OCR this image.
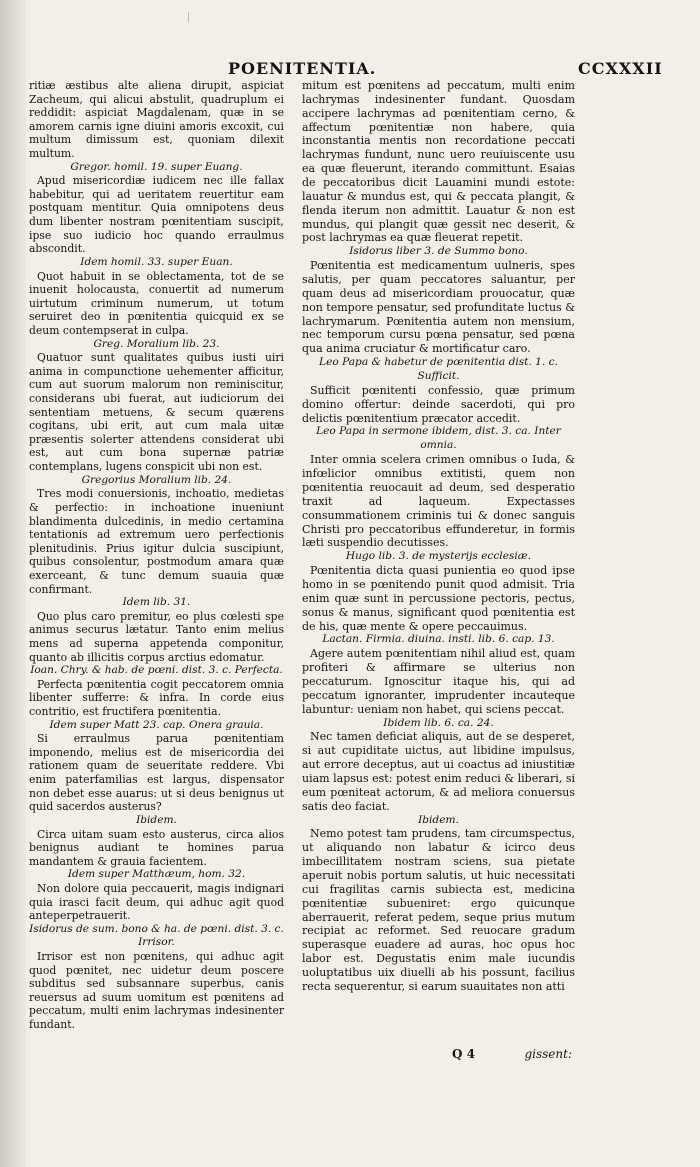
POENITENTIA.	CCXXXII

ritiæ æstibus alte aliena dirupit, aspiciat Zacheum, qui alicui abstulit, quadruplum ei reddidit: aspiciat Magdalenam, quæ in se amorem carnis igne diuini amoris excoxit, cui multum dimissum est, quoniam dilexit multum.

Gregor. homil. 19. super Euang.

Apud misericordiæ iudicem nec ille fallax habebitur, qui ad ueritatem reuertitur eam postquam mentitur. Quia omnipotens deus dum libenter nostram pœnitentiam suscipit, ipse suo iudicio hoc quando erraulmus abscondit.

Idem homil. 33. super Euan.

Quot habuit in se oblectamenta, tot de se inuenit holocausta, conuertit ad numerum uirtutum criminum numerum, ut totum seruiret deo in pœnitentia quicquid ex se deum contempserat in culpa.

Greg. Moralium lib. 23.

Quatuor sunt qualitates quibus iusti uiri anima in compunctione uehementer afficitur, cum aut suorum malorum non reminiscitur, considerans ubi fuerat, aut iudiciorum dei sententiam metuens, & secum quærens cogitans, ubi erit, aut cum mala uitæ præsentis solerter attendens considerat ubi est, aut cum bona supernæ patriæ contemplans, lugens conspicit ubi non est.

Gregorius Moralium lib. 24.

Tres modi conuersionis, inchoatio, medietas & perfectio: in inchoatione inueniunt blandimenta dulcedinis, in medio certamina tentationis ad extremum uero perfectionis plenitudinis. Prius igitur dulcia suscipiunt, quibus consolentur, postmodum amara quæ exerceant, & tunc demum suauia quæ confirmant.

Idem lib. 31.

Quo plus caro premitur, eo plus cœlesti spe animus securus lætatur. Tanto enim melius mens ad superna appetenda componitur, quanto ab illicitis corpus arctius edomatur.

Ioan. Chry. & hab. de pœni. dist. 3. c. Perfecta.

Perfecta pœnitentia cogit peccatorem omnia libenter sufferre: & infra. In corde eius contritio, est fructifera pœnitentia.

Idem super Matt 23. cap. Onera grauia.

Si erraulmus parua pœnitentiam imponendo, melius est de misericordia dei rationem quam de seueritate reddere. Vbi enim paterfamilias est largus, dispensator non debet esse auarus: ut si deus benignus ut quid sacerdos austerus?

Ibidem.

Circa uitam suam esto austerus, circa alios benignus audiant te homines parua mandantem & grauia facientem.

Idem super Matthæum, hom. 32.

Non dolore quia peccauerit, magis indignari quia irasci facit deum, qui adhuc agit quod anteperpetrauerit.

Isidorus de sum. bono & ha. de pœni. dist. 3. c. Irrisor.

Irrisor est non pœnitens, qui adhuc agit quod pœnitet, nec uidetur deum poscere subditus sed subsannare superbus, canis reuersus ad suum uomitum est pœnitens ad peccatum, multi enim lachrymas indesinenter fundant.

mitum est pœnitens ad peccatum, multi enim lachrymas indesinenter fundant. Quosdam accipere lachrymas ad pœnitentiam cerno, & affectum pœnitentiæ non habere, quia inconstantia mentis non recordatione peccati lachrymas fundunt, nunc uero reuiuiscente usu ea quæ fleuerunt, iterando committunt. Esaias de peccatoribus dicit Lauamini mundi estote: lauatur & mundus est, qui & peccata plangit, & flenda iterum non admittit. Lauatur & non est mundus, qui plangit quæ gessit nec deserit, & post lachrymas ea quæ fleuerat repetit.

Isidorus liber 3. de Summo bono.

Pœnitentia est medicamentum uulneris, spes salutis, per quam peccatores saluantur, per quam deus ad misericordiam prouocatur, quæ non tempore pensatur, sed profunditate luctus & lachrymarum. Pœnitentia autem non mensium, nec temporum cursu pœna pensatur, sed pœna qua anima cruciatur & mortificatur caro.

Leo Papa & habetur de pœnitentia dist. 1. c. Sufficit.

Sufficit pœnitenti confessio, quæ primum domino offertur: deinde sacerdoti, qui pro delictis pœnitentium præcator accedit.

Leo Papa in sermone ibidem, dist. 3. ca. Inter omnia.

Inter omnia scelera crimen omnibus o Iuda, & infœlicior omnibus extitisti, quem non pœnitentia reuocauit ad deum, sed desperatio traxit ad laqueum. Expectasses consummationem criminis tui & donec sanguis Christi pro peccatoribus effunderetur, in formis læti suspendio decutisses.

Hugo lib. 3. de mysterijs ecclesiæ.

Pœnitentia dicta quasi punientia eo quod ipse homo in se pœnitendo punit quod admisit. Tria enim quæ sunt in percussione pectoris, pectus, sonus & manus, significant quod pœnitentia est de his, quæ mente & opere peccauimus.

Lactan. Firmia. diuina. insti. lib. 6. cap. 13.

Agere autem pœnitentiam nihil aliud est, quam profiteri & affirmare se ulterius non peccaturum. Ignoscitur itaque his, qui ad peccatum ignoranter, imprudenter incauteque labuntur: ueniam non habet, qui sciens peccat.

Ibidem lib. 6. ca. 24.

Nec tamen deficiat aliquis, aut de se desperet, si aut cupiditate uictus, aut libidine impulsus, aut errore deceptus, aut ui coactus ad iniustitiæ uiam lapsus est: potest enim reduci & liberari, si eum pœniteat actorum, & ad meliora conuersus satis deo faciat.

Ibidem.

Nemo potest tam prudens, tam circumspectus, ut aliquando non labatur & icirco deus imbecillitatem nostram sciens, sua pietate aperuit nobis portum salutis, ut huic necessitati cui fragilitas carnis subiecta est, medicina pœnitentiæ subueniret: ergo quicunque aberrauerit, referat pedem, seque prius mutum recipiat ac reformet. Sed reuocare gradum superasque euadere ad auras, hoc opus hoc labor est. Degustatis enim male iucundis uoluptatibus uix diuelli ab his possunt, facilius recta sequerentur, si earum suauitates non atti

Q 4	gissent:
